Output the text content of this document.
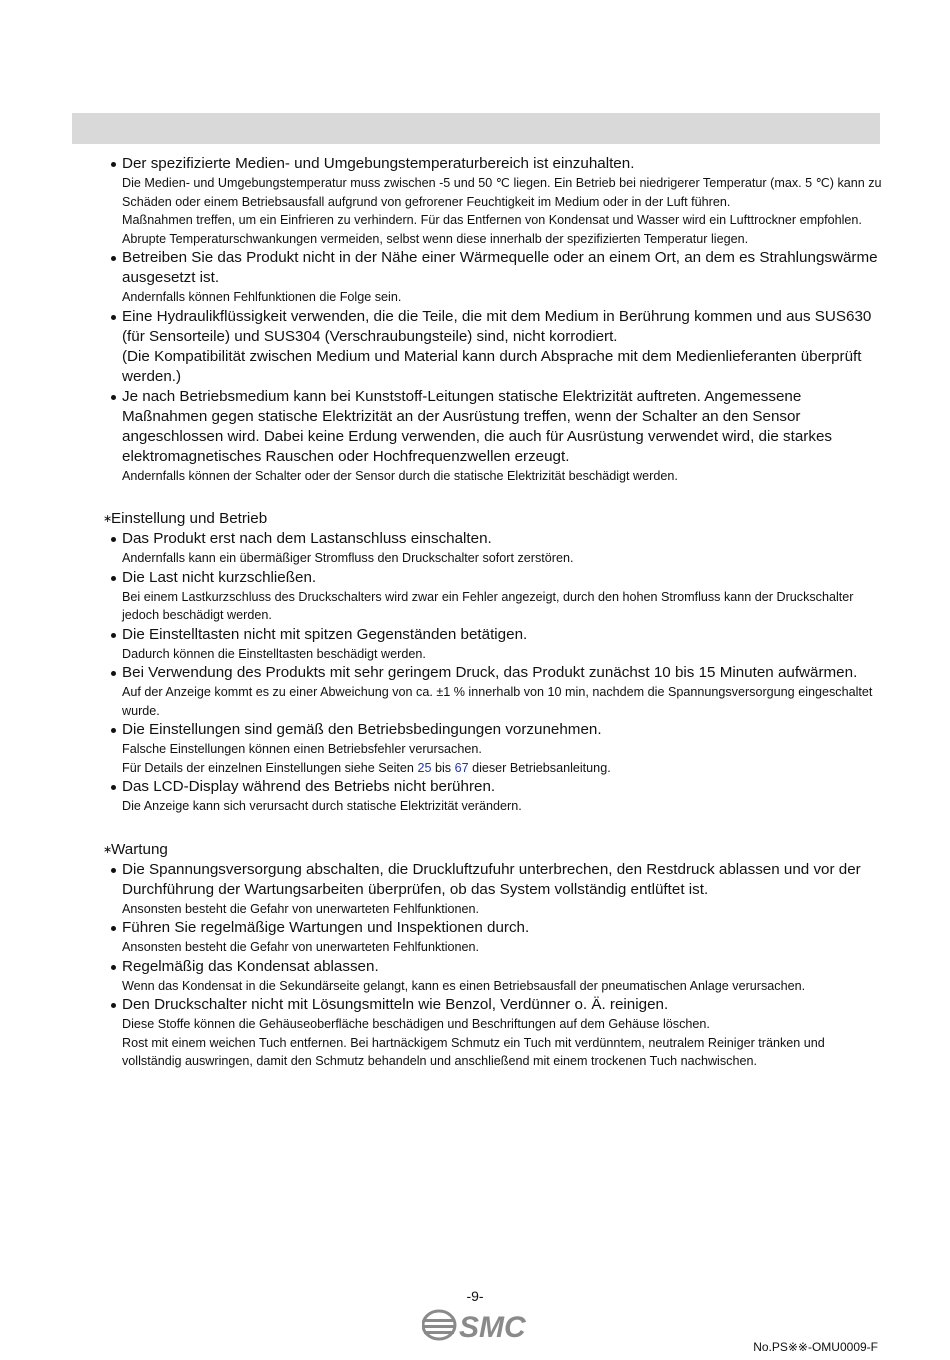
Der spezifizierte Medien- und Umgebungstemperaturbereich ist einzuhalten.
Die Medien- und Umgebungstemperatur muss zwischen -5 und 50 ℃ liegen. Ein Betrieb bei niedrigerer Temperatur (max. 5 ℃) kann zu Schäden oder einem Betriebsausfall aufgrund von gefrorener Feuchtigkeit im Medium oder in der Luft führen.
Maßnahmen treffen, um ein Einfrieren zu verhindern. Für das Entfernen von Kondensat und Wasser wird ein Lufttrockner empfohlen.
Abrupte Temperaturschwankungen vermeiden, selbst wenn diese innerhalb der spezifizierten Temperatur liegen.
Betreiben Sie das Produkt nicht in der Nähe einer Wärmequelle oder an einem Ort, an dem es Strahlungswärme ausgesetzt ist.
Andernfalls können Fehlfunktionen die Folge sein.
Eine Hydraulikflüssigkeit verwenden, die die Teile, die mit dem Medium in Berührung kommen und aus SUS630 (für Sensorteile) und SUS304 (Verschraubungsteile) sind, nicht korrodiert.
(Die Kompatibilität zwischen Medium und Material kann durch Absprache mit dem Medienlieferanten überprüft werden.)
Je nach Betriebsmedium kann bei Kunststoff-Leitungen statische Elektrizität auftreten. Angemessene Maßnahmen gegen statische Elektrizität an der Ausrüstung treffen, wenn der Schalter an den Sensor angeschlossen wird. Dabei keine Erdung verwenden, die auch für Ausrüstung verwendet wird, die starkes elektromagnetisches Rauschen oder Hochfrequenzwellen erzeugt.
Andernfalls können der Schalter oder der Sensor durch die statische Elektrizität beschädigt werden.
∗
Einstellung und Betrieb
Das Produkt erst nach dem Lastanschluss einschalten.
Andernfalls kann ein übermäßiger Stromfluss den Druckschalter sofort zerstören.
Die Last nicht kurzschließen.
Bei einem Lastkurzschluss des Druckschalters wird zwar ein Fehler angezeigt, durch den hohen Stromfluss kann der Druckschalter jedoch beschädigt werden.
Die Einstelltasten nicht mit spitzen Gegenständen betätigen.
Dadurch können die Einstelltasten beschädigt werden.
Bei Verwendung des Produkts mit sehr geringem Druck, das Produkt zunächst 10 bis 15 Minuten aufwärmen.
Auf der Anzeige kommt es zu einer Abweichung von ca. ±1 % innerhalb von 10 min, nachdem die Spannungsversorgung eingeschaltet wurde.
Die Einstellungen sind gemäß den Betriebsbedingungen vorzunehmen.
Falsche Einstellungen können einen Betriebsfehler verursachen.
Für Details der einzelnen Einstellungen siehe Seiten 25 bis 67 dieser Betriebsanleitung.
Das LCD-Display während des Betriebs nicht berühren.
Die Anzeige kann sich verursacht durch statische Elektrizität verändern.
∗
Wartung
Die Spannungsversorgung abschalten, die Druckluftzufuhr unterbrechen, den Restdruck ablassen und vor der Durchführung der Wartungsarbeiten überprüfen, ob das System vollständig entlüftet ist.
Ansonsten besteht die Gefahr von unerwarteten Fehlfunktionen.
Führen Sie regelmäßige Wartungen und Inspektionen durch.
Ansonsten besteht die Gefahr von unerwarteten Fehlfunktionen.
Regelmäßig das Kondensat ablassen.
Wenn das Kondensat in die Sekundärseite gelangt, kann es einen Betriebsausfall der pneumatischen Anlage verursachen.
Den Druckschalter nicht mit Lösungsmitteln wie Benzol, Verdünner o. Ä. reinigen.
Diese Stoffe können die Gehäuseoberfläche beschädigen und Beschriftungen auf dem Gehäuse löschen.
Rost mit einem weichen Tuch entfernen. Bei hartnäckigem Schmutz ein Tuch mit verdünntem, neutralem Reiniger tränken und vollständig auswringen, damit den Schmutz behandeln und anschließend mit einem trockenen Tuch nachwischen.
-9-
SMC
No.PS※※-OMU0009-F
